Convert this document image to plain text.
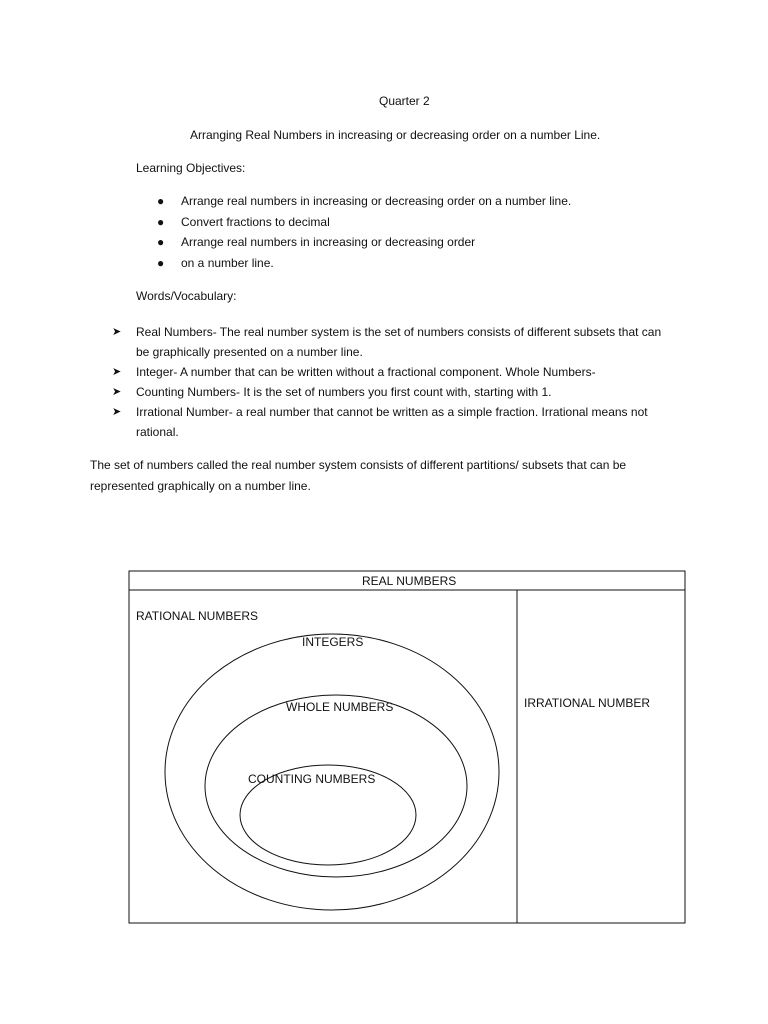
Quarter 2
Arranging Real Numbers in increasing or decreasing order on a number Line.
Learning Objectives:
● Arrange real numbers in increasing or decreasing order on a number line.
● Convert fractions to decimal
● Arrange real numbers in increasing or decreasing order
● on a number line.
Words/Vocabulary:
➤ Real Numbers- The real number system is the set of numbers consists of different subsets that can be graphically presented on a number line.
➤ Integer- A number that can be written without a fractional component. Whole Numbers-
➤ Counting Numbers- It is the set of numbers you first count with, starting with 1.
➤ Irrational Number- a real number that cannot be written as a simple fraction. Irrational means not rational.
The set of numbers called the real number system consists of different partitions/ subsets that can be represented graphically on a number line.
REAL NUMBERS
RATIONAL NUMBERS
INTEGERS
WHOLE NUMBERS
COUNTING NUMBERS
IRRATIONAL NUMBER
